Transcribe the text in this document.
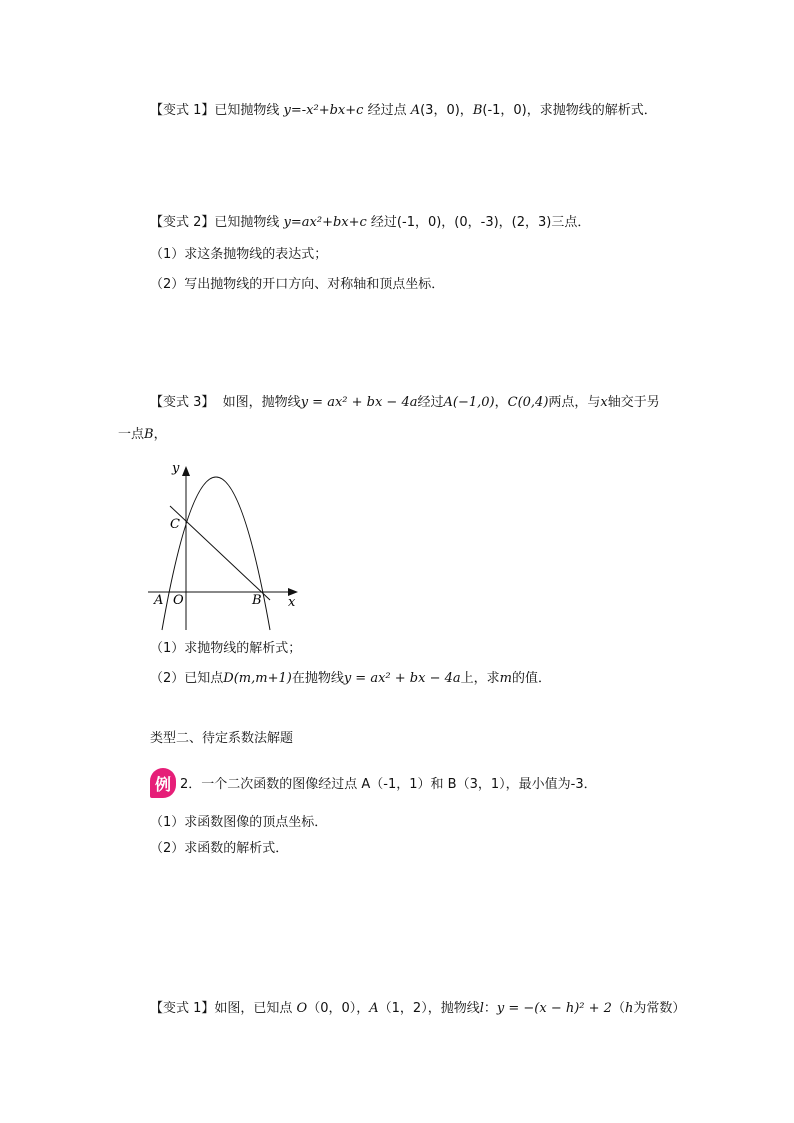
【变式 1】已知抛物线 y=-x²+bx+c 经过点 A(3，0)，B(-1，0)，求抛物线的解析式．
【变式 2】已知抛物线 y=ax²+bx+c 经过(-1，0)，(0，-3)，(2，3)三点．
（1）求这条抛物线的表达式；
（2）写出抛物线的开口方向、对称轴和顶点坐标．
【变式 3】 如图，抛物线y = ax² + bx − 4a经过A(−1,0)，C(0,4)两点，与x轴交于另
一点B，
y
x
C
A O	B
（1）求抛物线的解析式；
（2）已知点D(m,m+1)在抛物线y = ax² + bx − 4a上，求m的值．
类型二、待定系数法解题
例 2．一个二次函数的图像经过点 A（-1，1）和 B（3，1），最小值为-3．
（1）求函数图像的顶点坐标．
（2）求函数的解析式．
【变式 1】如图，已知点 O（0，0），A（1，2），抛物线l：y = −(x − h)² + 2（h为常数）
